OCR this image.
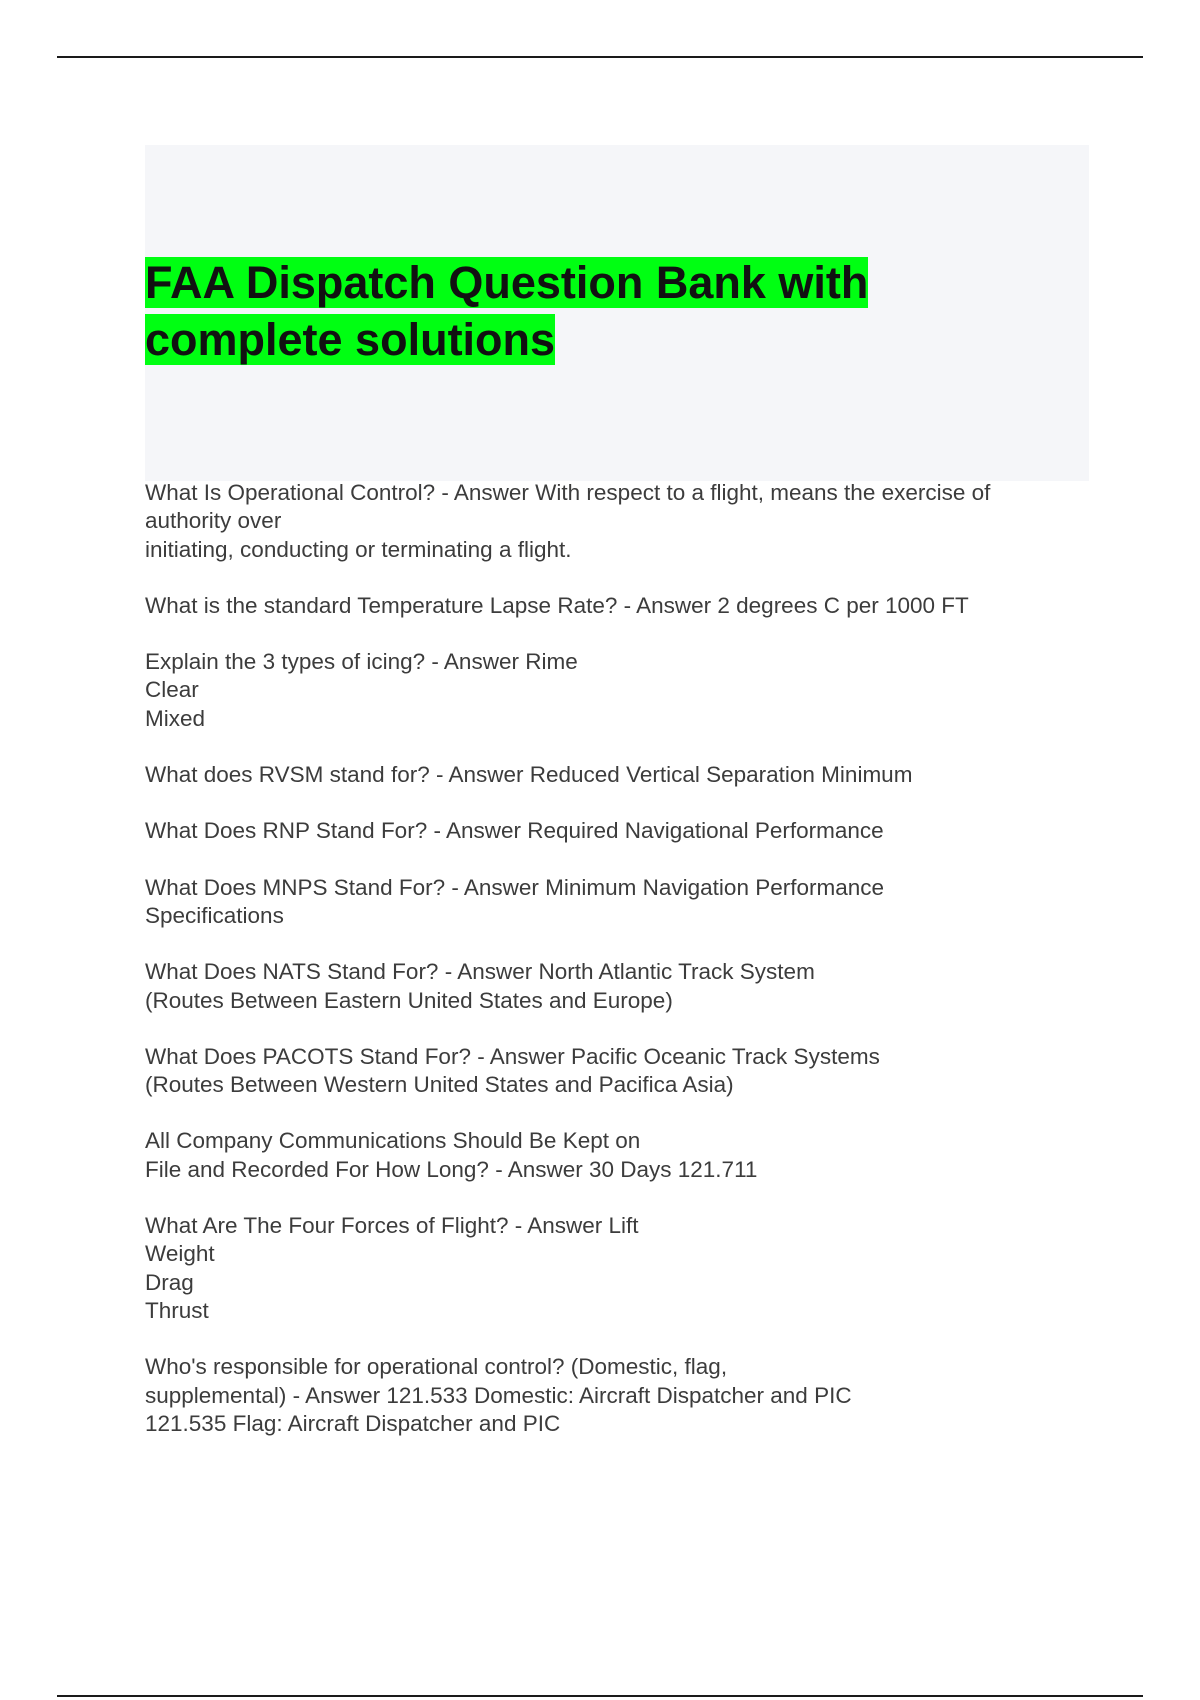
FAA Dispatch Question Bank with
complete solutions
What Is Operational Control? - Answer With respect to a flight, means the exercise of
authority over
initiating, conducting or terminating a flight.
What is the standard Temperature Lapse Rate? - Answer 2 degrees C per 1000 FT
Explain the 3 types of icing? - Answer Rime
Clear
Mixed
What does RVSM stand for? - Answer Reduced Vertical Separation Minimum
What Does RNP Stand For? - Answer Required Navigational Performance
What Does MNPS Stand For? - Answer Minimum Navigation Performance
Specifications
What Does NATS Stand For? - Answer North Atlantic Track System
(Routes Between Eastern United States and Europe)
What Does PACOTS Stand For? - Answer Pacific Oceanic Track Systems
(Routes Between Western United States and Pacifica Asia)
All Company Communications Should Be Kept on
File and Recorded For How Long? - Answer 30 Days 121.711
What Are The Four Forces of Flight? - Answer Lift
Weight
Drag
Thrust
Who's responsible for operational control? (Domestic, flag,
supplemental) - Answer 121.533 Domestic: Aircraft Dispatcher and PIC
121.535 Flag: Aircraft Dispatcher and PIC
